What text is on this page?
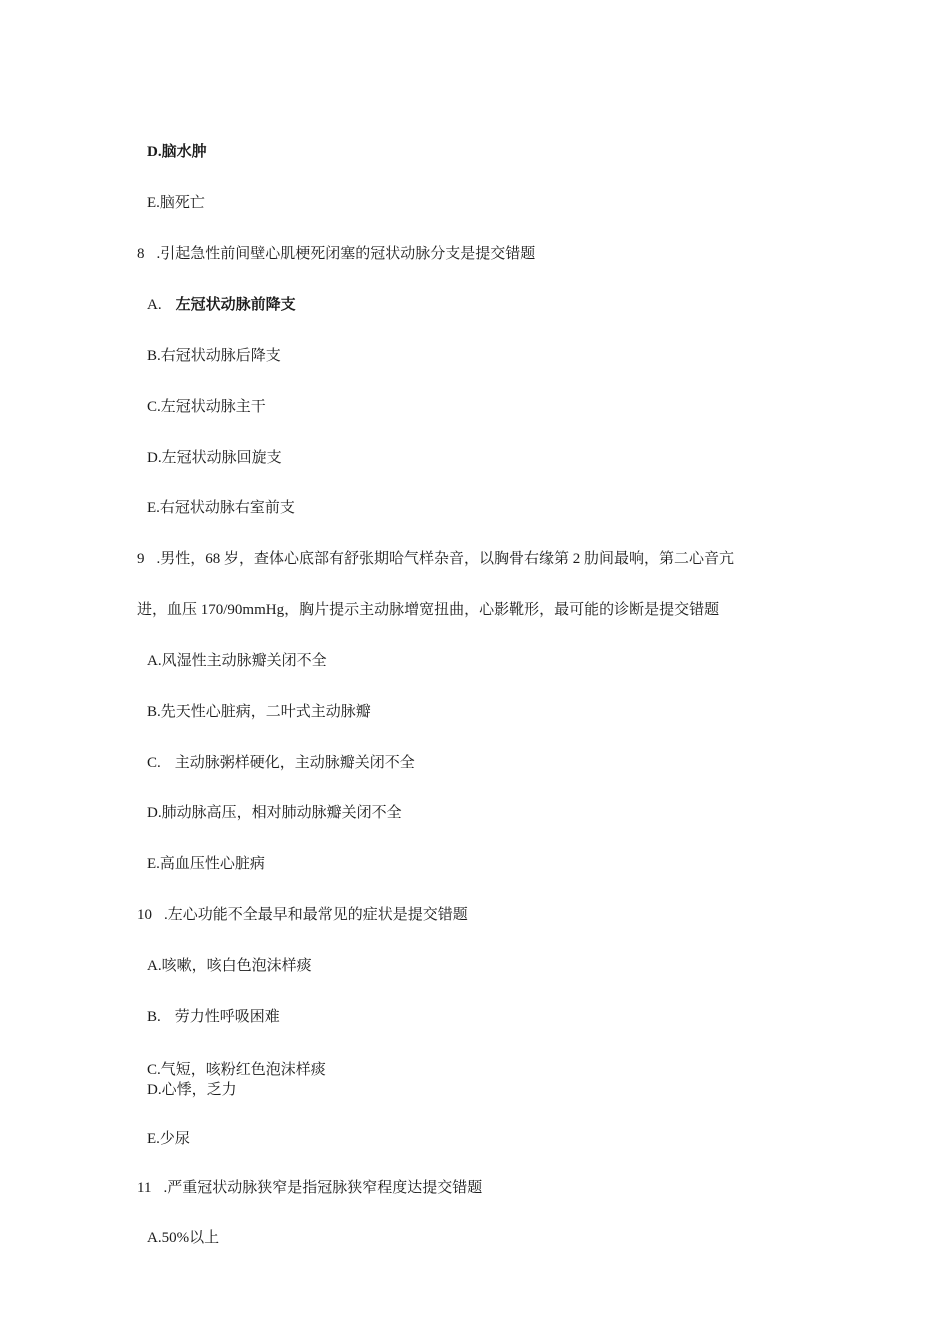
D.脑水肿
E.脑死亡
8 .引起急性前间壁心肌梗死闭塞的冠状动脉分支是提交错题
A. 左冠状动脉前降支
B.右冠状动脉后降支
C.左冠状动脉主干
D.左冠状动脉回旋支
E.右冠状动脉右室前支
9 .男性，68 岁，查体心底部有舒张期哈气样杂音，以胸骨右缘第 2 肋间最响，第二心音亢
进，血压 170/90mmHg，胸片提示主动脉增宽扭曲，心影靴形，最可能的诊断是提交错题
A.风湿性主动脉瓣关闭不全
B.先天性心脏病，二叶式主动脉瓣
C. 主动脉粥样硬化，主动脉瓣关闭不全
D.肺动脉高压，相对肺动脉瓣关闭不全
E.高血压性心脏病
10 .左心功能不全最早和最常见的症状是提交错题
A.咳嗽，咳白色泡沫样痰
B. 劳力性呼吸困难
C.气短，咳粉红色泡沫样痰
D.心悸，乏力
E.少尿
11 .严重冠状动脉狭窄是指冠脉狭窄程度达提交错题
A.50%以上
